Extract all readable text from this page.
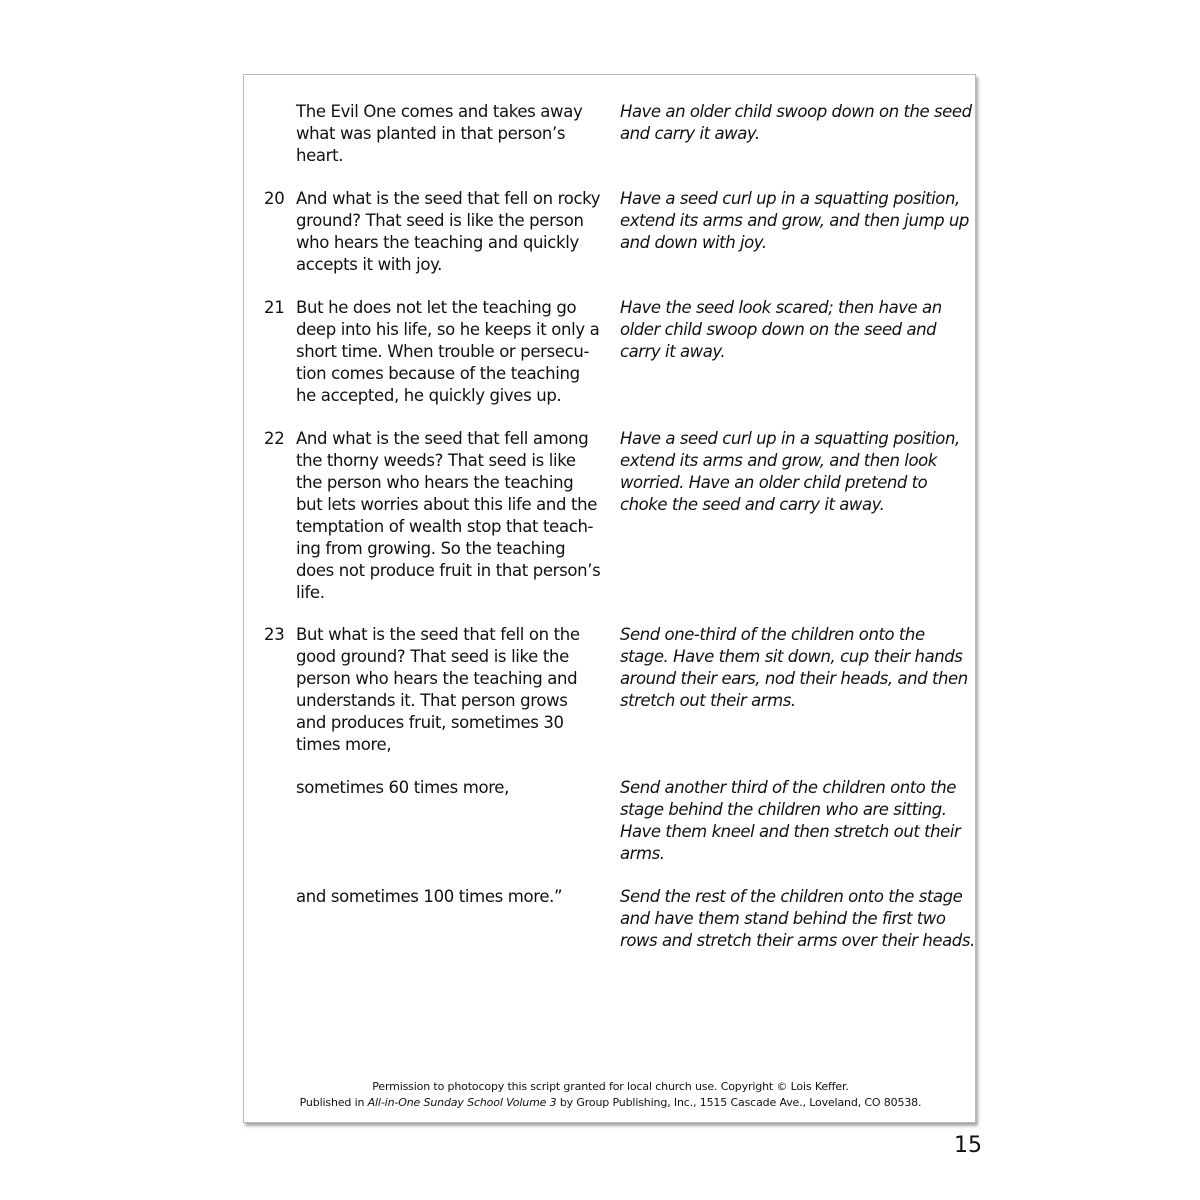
The Evil One comes and takes away
what was planted in that person’s
heart.
Have an older child swoop down on the seed
and carry it away.
20 And what is the seed that fell on rocky
ground? That seed is like the person
who hears the teaching and quickly
accepts it with joy.
Have a seed curl up in a squatting position,
extend its arms and grow, and then jump up
and down with joy.
21 But he does not let the teaching go
deep into his life, so he keeps it only a
short time. When trouble or persecu-
tion comes because of the teaching
he accepted, he quickly gives up.
Have the seed look scared; then have an
older child swoop down on the seed and
carry it away.
22 And what is the seed that fell among
the thorny weeds? That seed is like
the person who hears the teaching
but lets worries about this life and the
temptation of wealth stop that teach-
ing from growing. So the teaching
does not produce fruit in that person’s
life.
Have a seed curl up in a squatting position,
extend its arms and grow, and then look
worried. Have an older child pretend to
choke the seed and carry it away.
23 But what is the seed that fell on the
good ground? That seed is like the
person who hears the teaching and
understands it. That person grows
and produces fruit, sometimes 30
times more,
Send one-third of the children onto the
stage. Have them sit down, cup their hands
around their ears, nod their heads, and then
stretch out their arms.
sometimes 60 times more,	Send another third of the children onto the
stage behind the children who are sitting.
Have them kneel and then stretch out their
arms.
and sometimes 100 times more.”	Send the rest of the children onto the stage
and have them stand behind the first two
rows and stretch their arms over their heads.
Permission to photocopy this script granted for local church use. Copyright © Lois Keffer.
Published in All-in-One Sunday School Volume 3 by Group Publishing, Inc., 1515 Cascade Ave., Loveland, CO 80538.
15
